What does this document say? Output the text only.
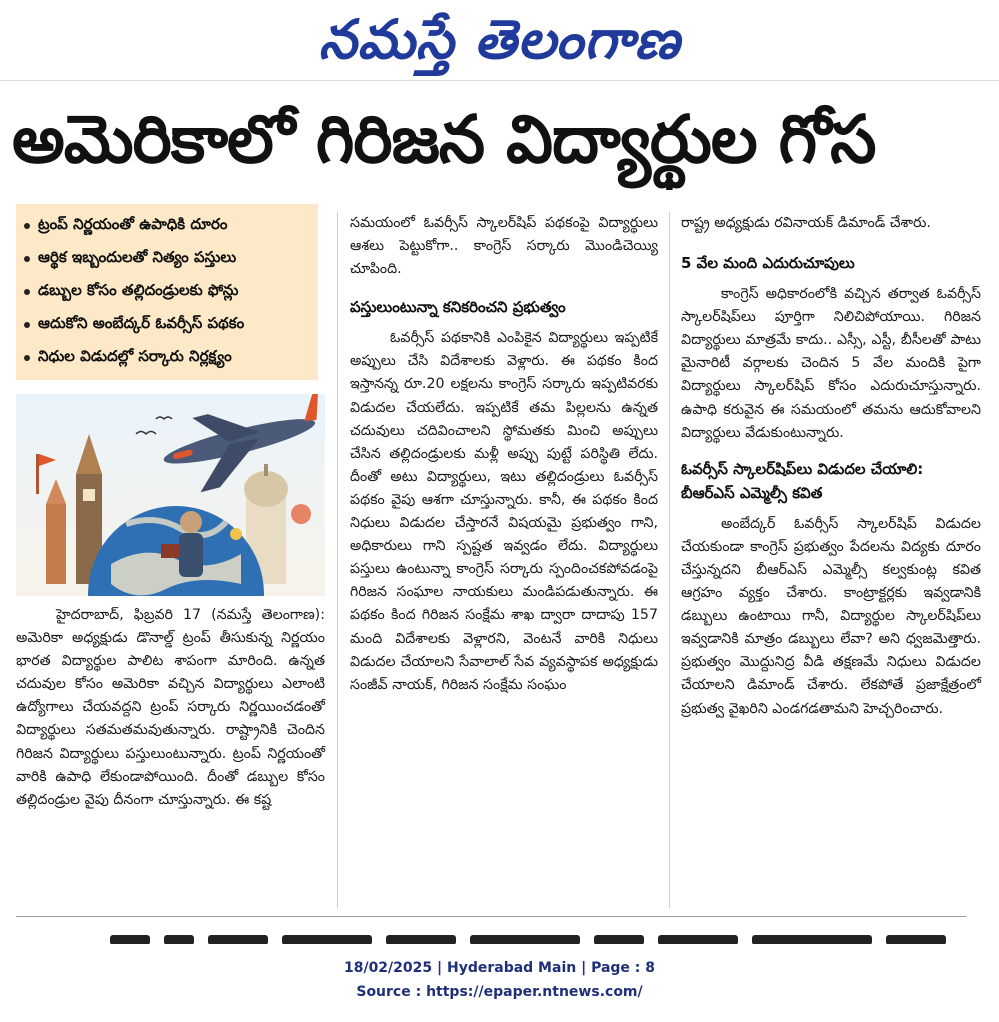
నమస్తే తెలంగాణ
అమెరికాలో గిరిజన విద్యార్థుల గోస
ట్రంప్ నిర్ణయంతో ఉపాధికి దూరం
ఆర్థిక ఇబ్బందులతో నిత్యం పస్తులు
డబ్బుల కోసం తల్లిదండ్రులకు ఫోన్లు
ఆదుకోని అంబేద్కర్ ఓవర్సీస్ పథకం
నిధుల విడుదల్లో సర్కారు నిర్లక్ష్యం

హైదరాబాద్, ఫిబ్రవరి 17 (నమస్తే తెలంగాణ): అమెరికా అధ్యక్షుడు డొనాల్డ్ ట్రంప్ తీసుకున్న నిర్ణయం భారత విద్యార్థుల పాలిట శాపంగా మారింది. ఉన్నత చదువుల కోసం అమెరికా వచ్చిన విద్యార్థులు ఎలాంటి ఉద్యోగాలు చేయవద్దని ట్రంప్ సర్కారు నిర్ణయించడంతో విద్యార్థులు సతమతమవుతున్నారు. రాష్ట్రానికి చెందిన గిరిజన విద్యార్థులు పస్తులుంటున్నారు. ట్రంప్ నిర్ణయంతో వారికి ఉపాధి లేకుండాపోయింది. దీంతో డబ్బుల కోసం తల్లిదండ్రుల వైపు దీనంగా చూస్తున్నారు. ఈ కష్ట

సమయంలో ఓవర్సీస్ స్కాలర్‌షిప్ పథకంపై విద్యార్థులు ఆశలు పెట్టుకోగా.. కాంగ్రెస్ సర్కారు మొండిచెయ్యి చూపింది.

పస్తులుంటున్నా కనికరించని ప్రభుత్వం

ఓవర్సీస్ పథకానికి ఎంపికైన విద్యార్థులు ఇప్పటికే అప్పులు చేసి విదేశాలకు వెళ్లారు. ఈ పథకం కింద ఇస్తానన్న రూ.20 లక్షలను కాంగ్రెస్ సర్కారు ఇప్పటివరకు విడుదల చేయలేదు. ఇప్పటికే తమ పిల్లలను ఉన్నత చదువులు చదివించాలని స్థోమతకు మించి అప్పులు చేసిన తల్లిదండ్రులకు మళ్లీ అప్పు పుట్టే పరిస్థితి లేదు. దీంతో అటు విద్యార్థులు, ఇటు తల్లిదండ్రులు ఓవర్సీస్ పథకం వైపు ఆశగా చూస్తున్నారు. కానీ, ఈ పథకం కింద నిధులు విడుదల చేస్తారనే విషయమై ప్రభుత్వం గాని, అధికారులు గాని స్పష్టత ఇవ్వడం లేదు. విద్యార్థులు పస్తులు ఉంటున్నా కాంగ్రెస్ సర్కారు స్పందించకపోవడంపై గిరిజన సంఘాల నాయకులు మండిపడుతున్నారు. ఈ పథకం కింద గిరిజన సంక్షేమ శాఖ ద్వారా దాదాపు 157 మంది విదేశాలకు వెళ్లారని, వెంటనే వారికి నిధులు విడుదల చేయాలని సేవాలాల్ సేవ వ్యవస్థాపక అధ్యక్షుడు సంజీవ్ నాయక్, గిరిజన సంక్షేమ సంఘం

రాష్ట్ర అధ్యక్షుడు రవినాయక్ డిమాండ్ చేశారు.

5 వేల మంది ఎదురుచూపులు

కాంగ్రెస్ అధికారంలోకి వచ్చిన తర్వాత ఓవర్సీస్ స్కాలర్‌షిప్‌లు పూర్తిగా నిలిచిపోయాయి. గిరిజన విద్యార్థులు మాత్రమే కాదు.. ఎస్సీ, ఎస్టీ, బీసీలతో పాటు మైనారిటీ వర్గాలకు చెందిన 5 వేల మందికి పైగా విద్యార్థులు స్కాలర్‌షిప్ కోసం ఎదురుచూస్తున్నారు. ఉపాధి కరువైన ఈ సమయంలో తమను ఆదుకోవాలని విద్యార్థులు వేడుకుంటున్నారు.

ఓవర్సీస్ స్కాలర్‌షిప్‌లు విడుదల చేయాలి: బీఆర్ఎస్ ఎమ్మెల్సీ కవిత

అంబేద్కర్ ఓవర్సీస్ స్కాలర్‌షిప్ విడుదల చేయకుండా కాంగ్రెస్ ప్రభుత్వం పేదలను విద్యకు దూరం చేస్తున్నదని బీఆర్ఎస్ ఎమ్మెల్సీ కల్వకుంట్ల కవిత ఆగ్రహం వ్యక్తం చేశారు. కాంట్రాక్టర్లకు ఇవ్వడానికి డబ్బులు ఉంటాయి గానీ, విద్యార్థుల స్కాలర్‌షిప్‌లు ఇవ్వడానికి మాత్రం డబ్బులు లేవా? అని ధ్వజమెత్తారు. ప్రభుత్వం మొద్దునిద్ర వీడి తక్షణమే నిధులు విడుదల చేయాలని డిమాండ్ చేశారు. లేకపోతే ప్రజాక్షేత్రంలో ప్రభుత్వ వైఖరిని ఎండగడతామని హెచ్చరించారు.

18/02/2025 | Hyderabad Main | Page : 8
Source : https://epaper.ntnews.com/
